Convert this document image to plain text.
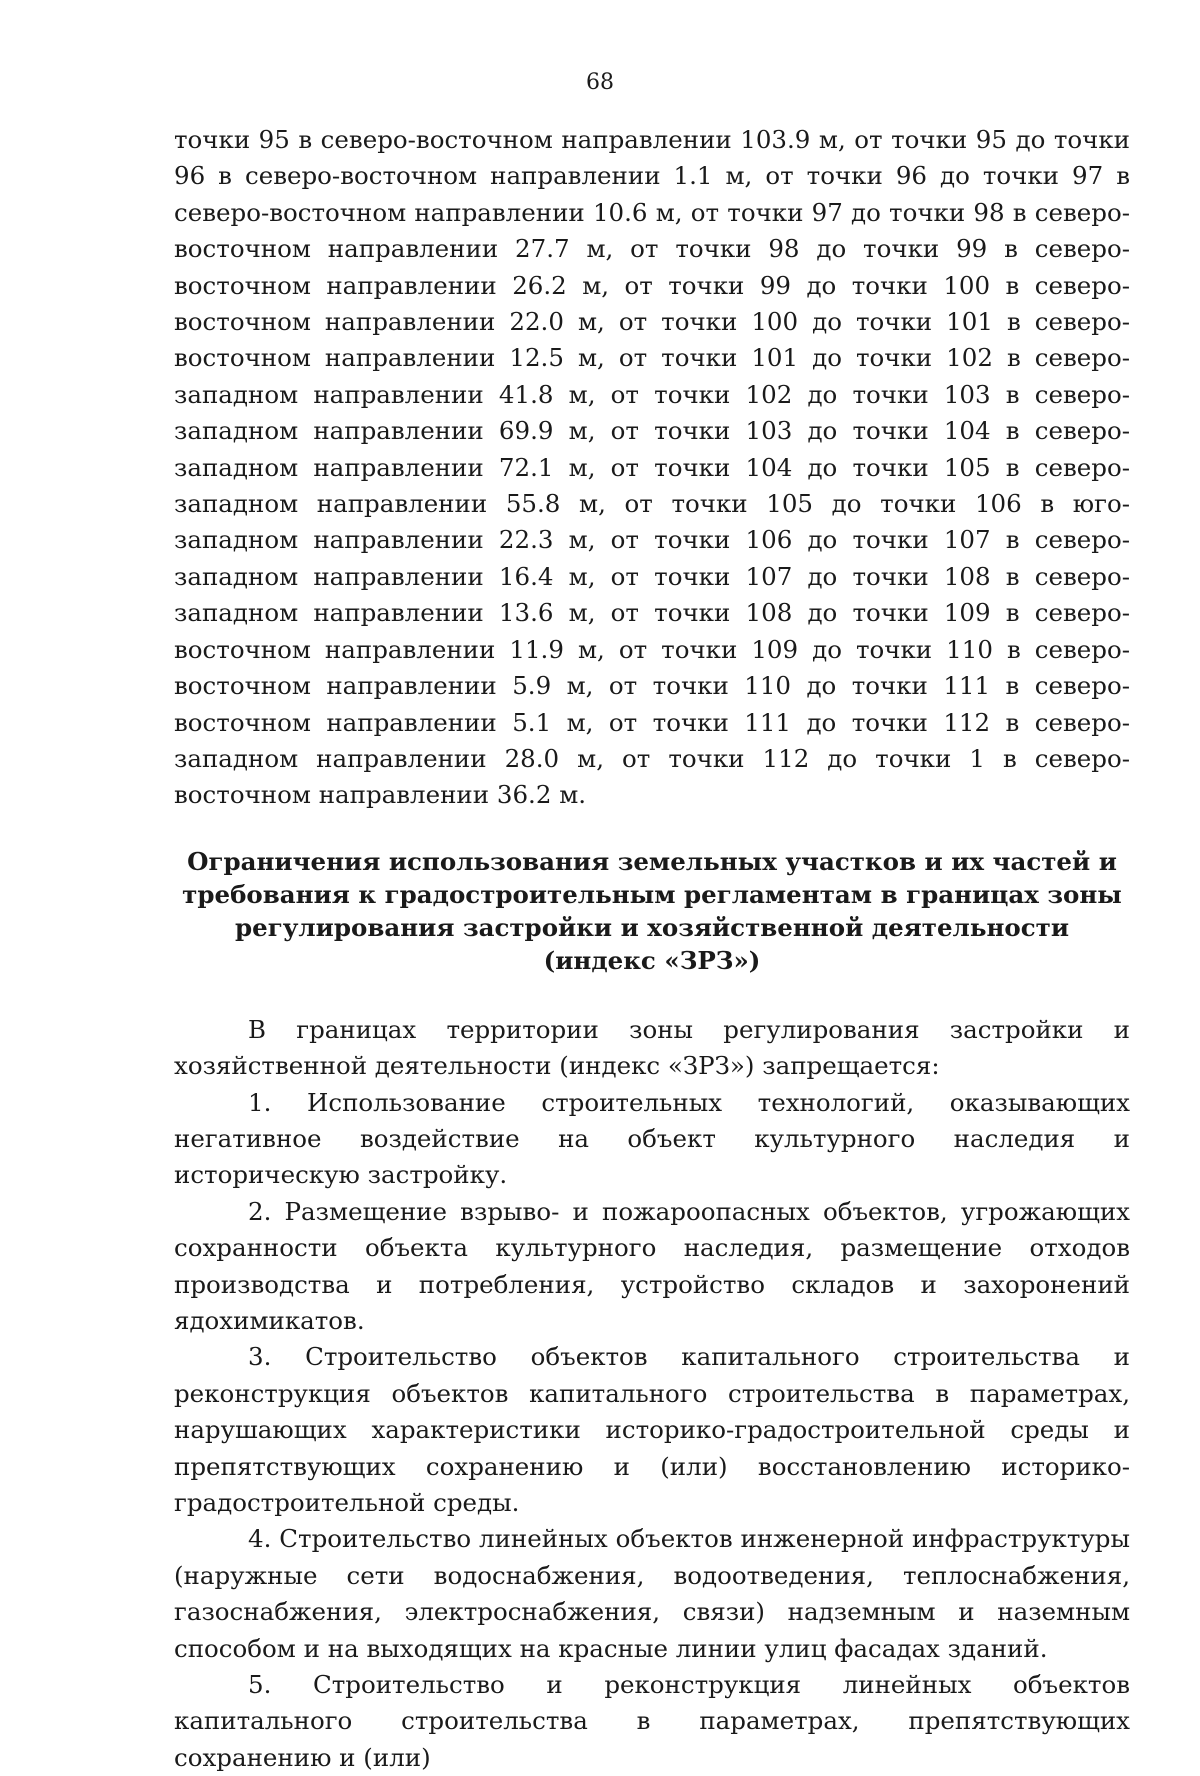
68

точки 95 в северо-восточном направлении 103.9 м, от точки 95 до точки 96 в северо-восточном направлении 1.1 м, от точки 96 до точки 97 в северо-восточном направлении 10.6 м, от точки 97 до точки 98 в северо-восточном направлении 27.7 м, от точки 98 до точки 99 в северо-восточном направлении 26.2 м, от точки 99 до точки 100 в северо-восточном направлении 22.0 м, от точки 100 до точки 101 в северо-восточном направлении 12.5 м, от точки 101 до точки 102 в северо-западном направлении 41.8 м, от точки 102 до точки 103 в северо-западном направлении 69.9 м, от точки 103 до точки 104 в северо-западном направлении 72.1 м, от точки 104 до точки 105 в северо-западном направлении 55.8 м, от точки 105 до точки 106 в юго-западном направлении 22.3 м, от точки 106 до точки 107 в северо-западном направлении 16.4 м, от точки 107 до точки 108 в северо-западном направлении 13.6 м, от точки 108 до точки 109 в северо-восточном направлении 11.9 м, от точки 109 до точки 110 в северо-восточном направлении 5.9 м, от точки 110 до точки 111 в северо-восточном направлении 5.1 м, от точки 111 до точки 112 в северо-западном направлении 28.0 м, от точки 112 до точки 1 в северо-восточном направлении 36.2 м.

Ограничения использования земельных участков и их частей и
требования к градостроительным регламентам в границах зоны
регулирования застройки и хозяйственной деятельности
(индекс «ЗРЗ»)

В границах территории зоны регулирования застройки и хозяйственной деятельности (индекс «ЗРЗ») запрещается:

1. Использование строительных технологий, оказывающих негативное воздействие на объект культурного наследия и историческую застройку.

2. Размещение взрыво- и пожароопасных объектов, угрожающих сохранности объекта культурного наследия, размещение отходов производства и потребления, устройство складов и захоронений ядохимикатов.

3. Строительство объектов капитального строительства и реконструкция объектов капитального строительства в параметрах, нарушающих характеристики историко-градостроительной среды и препятствующих сохранению и (или) восстановлению историко-градостроительной среды.

4. Строительство линейных объектов инженерной инфраструктуры (наружные сети водоснабжения, водоотведения, теплоснабжения, газоснабжения, электроснабжения, связи) надземным и наземным способом и на выходящих на красные линии улиц фасадах зданий.

5. Строительство и реконструкция линейных объектов капитального строительства в параметрах, препятствующих сохранению и (или)
